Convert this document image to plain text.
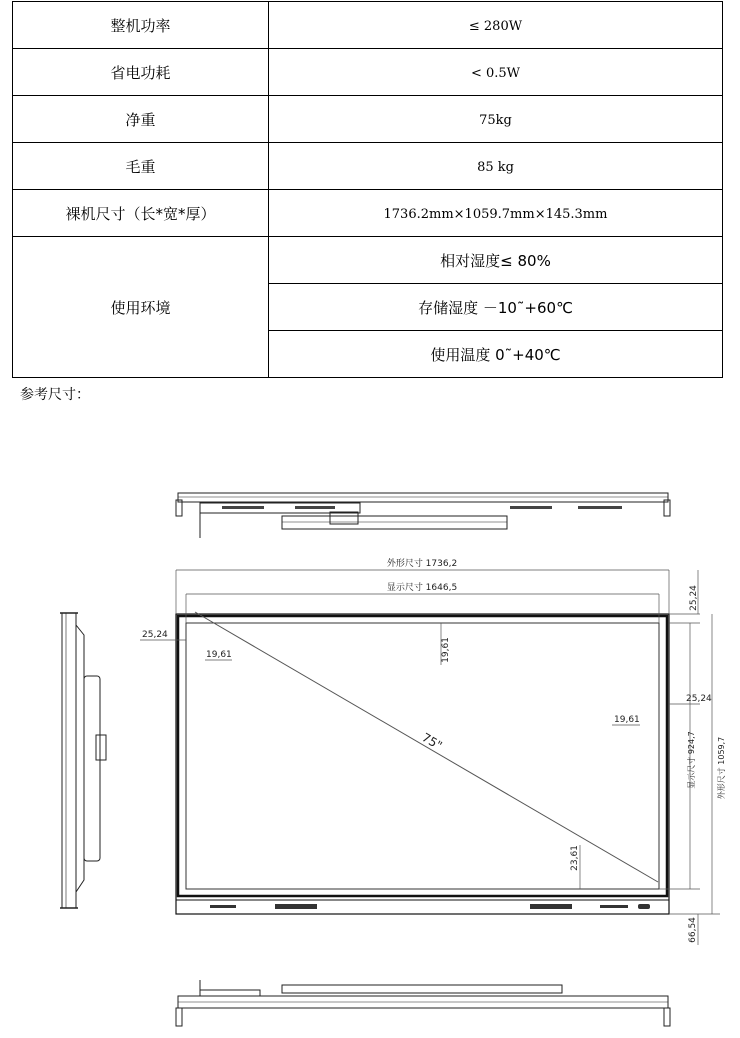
整机功率	≤ 280W
省电功耗	< 0.5W
净重	75kg
毛重	85 kg
裸机尺寸（长*宽*厚）	1736.2mm×1059.7mm×145.3mm
使用环境	相对湿度≤ 80%
	存储湿度 －10˜+60℃
	使用温度 0˜+40℃
参考尺寸：
外形尺寸 1736,2
显示尺寸 1646,5	25,24
25,24
19,61	19,61
25,24
19,61
23,61
66,54
75"	显示尺寸 924,7	外形尺寸 1059,7
